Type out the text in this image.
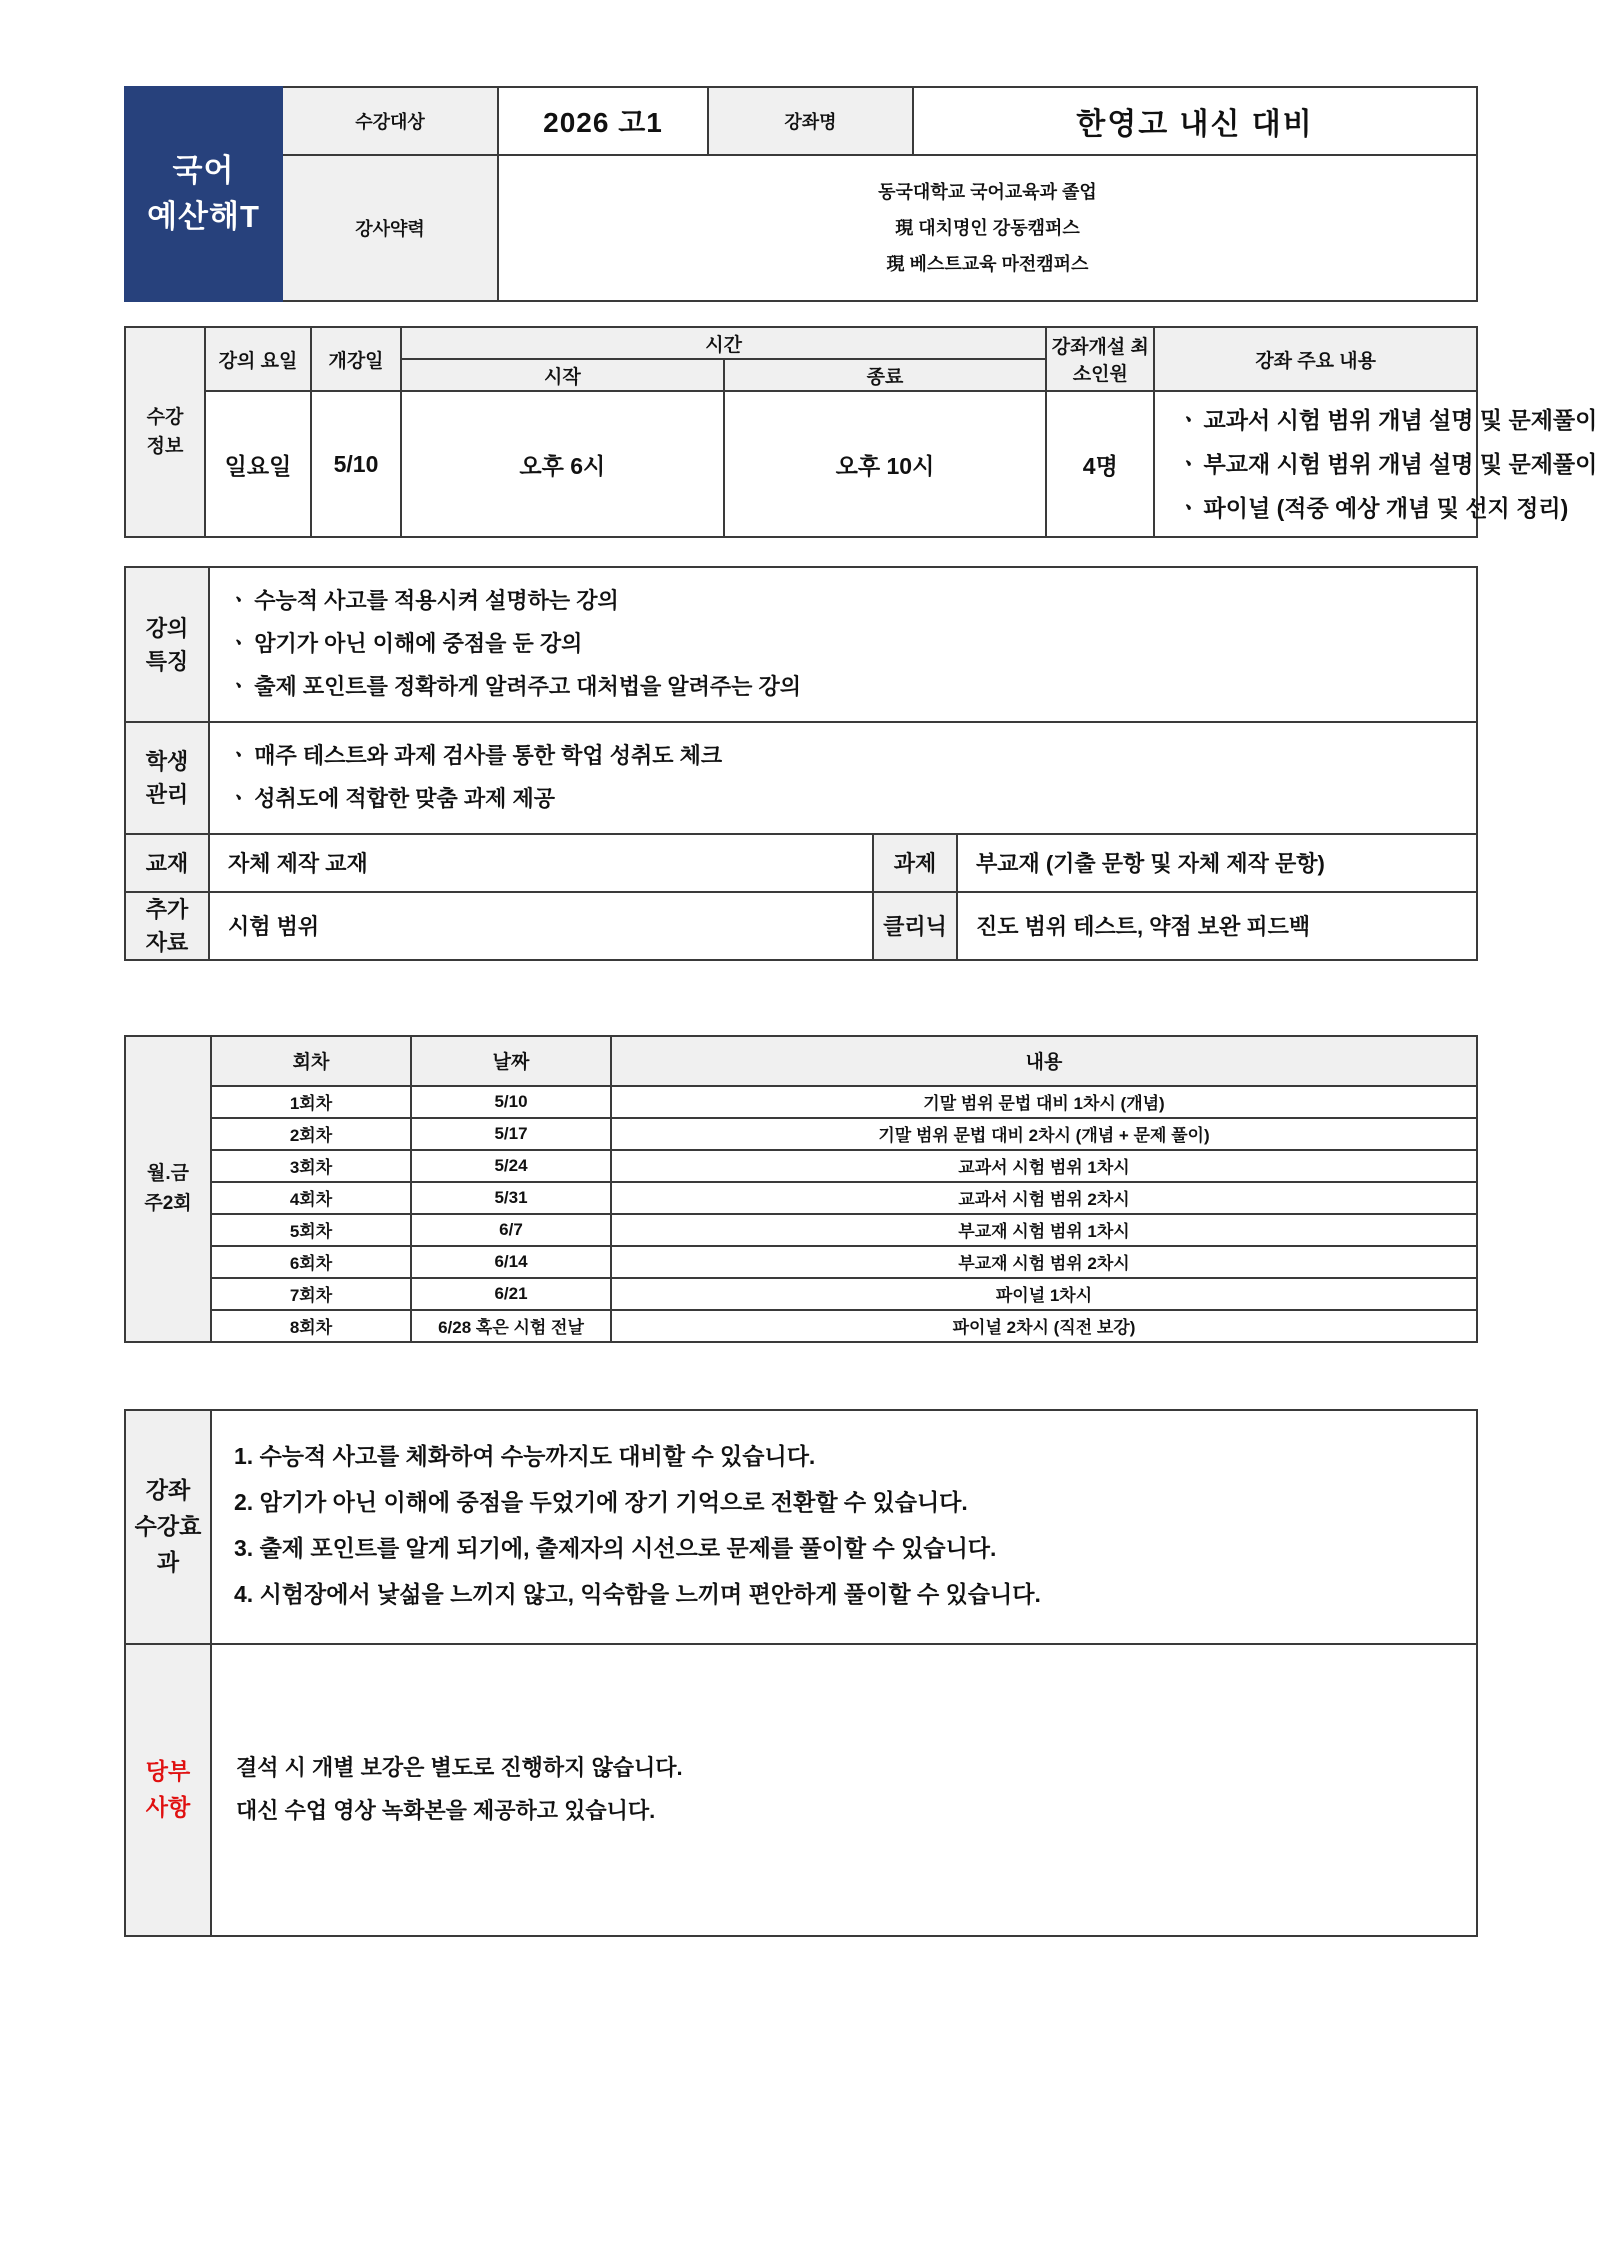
국어
예산해T	수강대상	2026 고1	강좌명	한영고 내신 대비
	강사약력	동국대학교 국어교육과 졸업
現 대치명인 강동캠퍼스
現 베스트교육 마전캠퍼스		
수강
정보	강의 요일	개강일	시간		강좌개설 최소인원	강좌 주요 내용
			시작	종료		
	일요일	5/10	오후 6시	오후 10시	4명	ㆍ 교과서 시험 범위 개념 설명 및 문제풀이
ㆍ 부교재 시험 범위 개념 설명 및 문제풀이
ㆍ 파이널 (적중 예상 개념 및 선지 정리)
강의
특징	ㆍ 수능적 사고를 적용시켜 설명하는 강의
ㆍ 암기가 아닌 이해에 중점을 둔 강의
ㆍ 출제 포인트를 정확하게 알려주고 대처법을 알려주는 강의

학생
관리	ㆍ 매주 테스트와 과제 검사를 통한 학업 성취도 체크
ㆍ 성취도에 적합한 맞춤 과제 제공

교재	자체 제작 교재	과제	부교재 (기출 문항 및 자체 제작 문항)

추가
자료	시험 범위	클리닉	진도 범위 테스트, 약점 보완 피드백
월.금
주2회	회차	날짜	내용
	1회차	5/10	기말 범위 문법 대비 1차시 (개념)
	2회차	5/17	기말 범위 문법 대비 2차시 (개념 + 문제 풀이)
	3회차	5/24	교과서 시험 범위 1차시
	4회차	5/31	교과서 시험 범위 2차시
	5회차	6/7	부교재 시험 범위 1차시
	6회차	6/14	부교재 시험 범위 2차시
	7회차	6/21	파이널 1차시
	8회차	6/28 혹은 시험 전날	파이널 2차시 (직전 보강)
강좌
수강효과	1. 수능적 사고를 체화하여 수능까지도 대비할 수 있습니다.
2. 암기가 아닌 이해에 중점을 두었기에 장기 기억으로 전환할 수 있습니다.
3. 출제 포인트를 알게 되기에, 출제자의 시선으로 문제를 풀이할 수 있습니다.
4. 시험장에서 낯섦을 느끼지 않고, 익숙함을 느끼며 편안하게 풀이할 수 있습니다.

당부
사항	결석 시 개별 보강은 별도로 진행하지 않습니다.
대신 수업 영상 녹화본을 제공하고 있습니다.
